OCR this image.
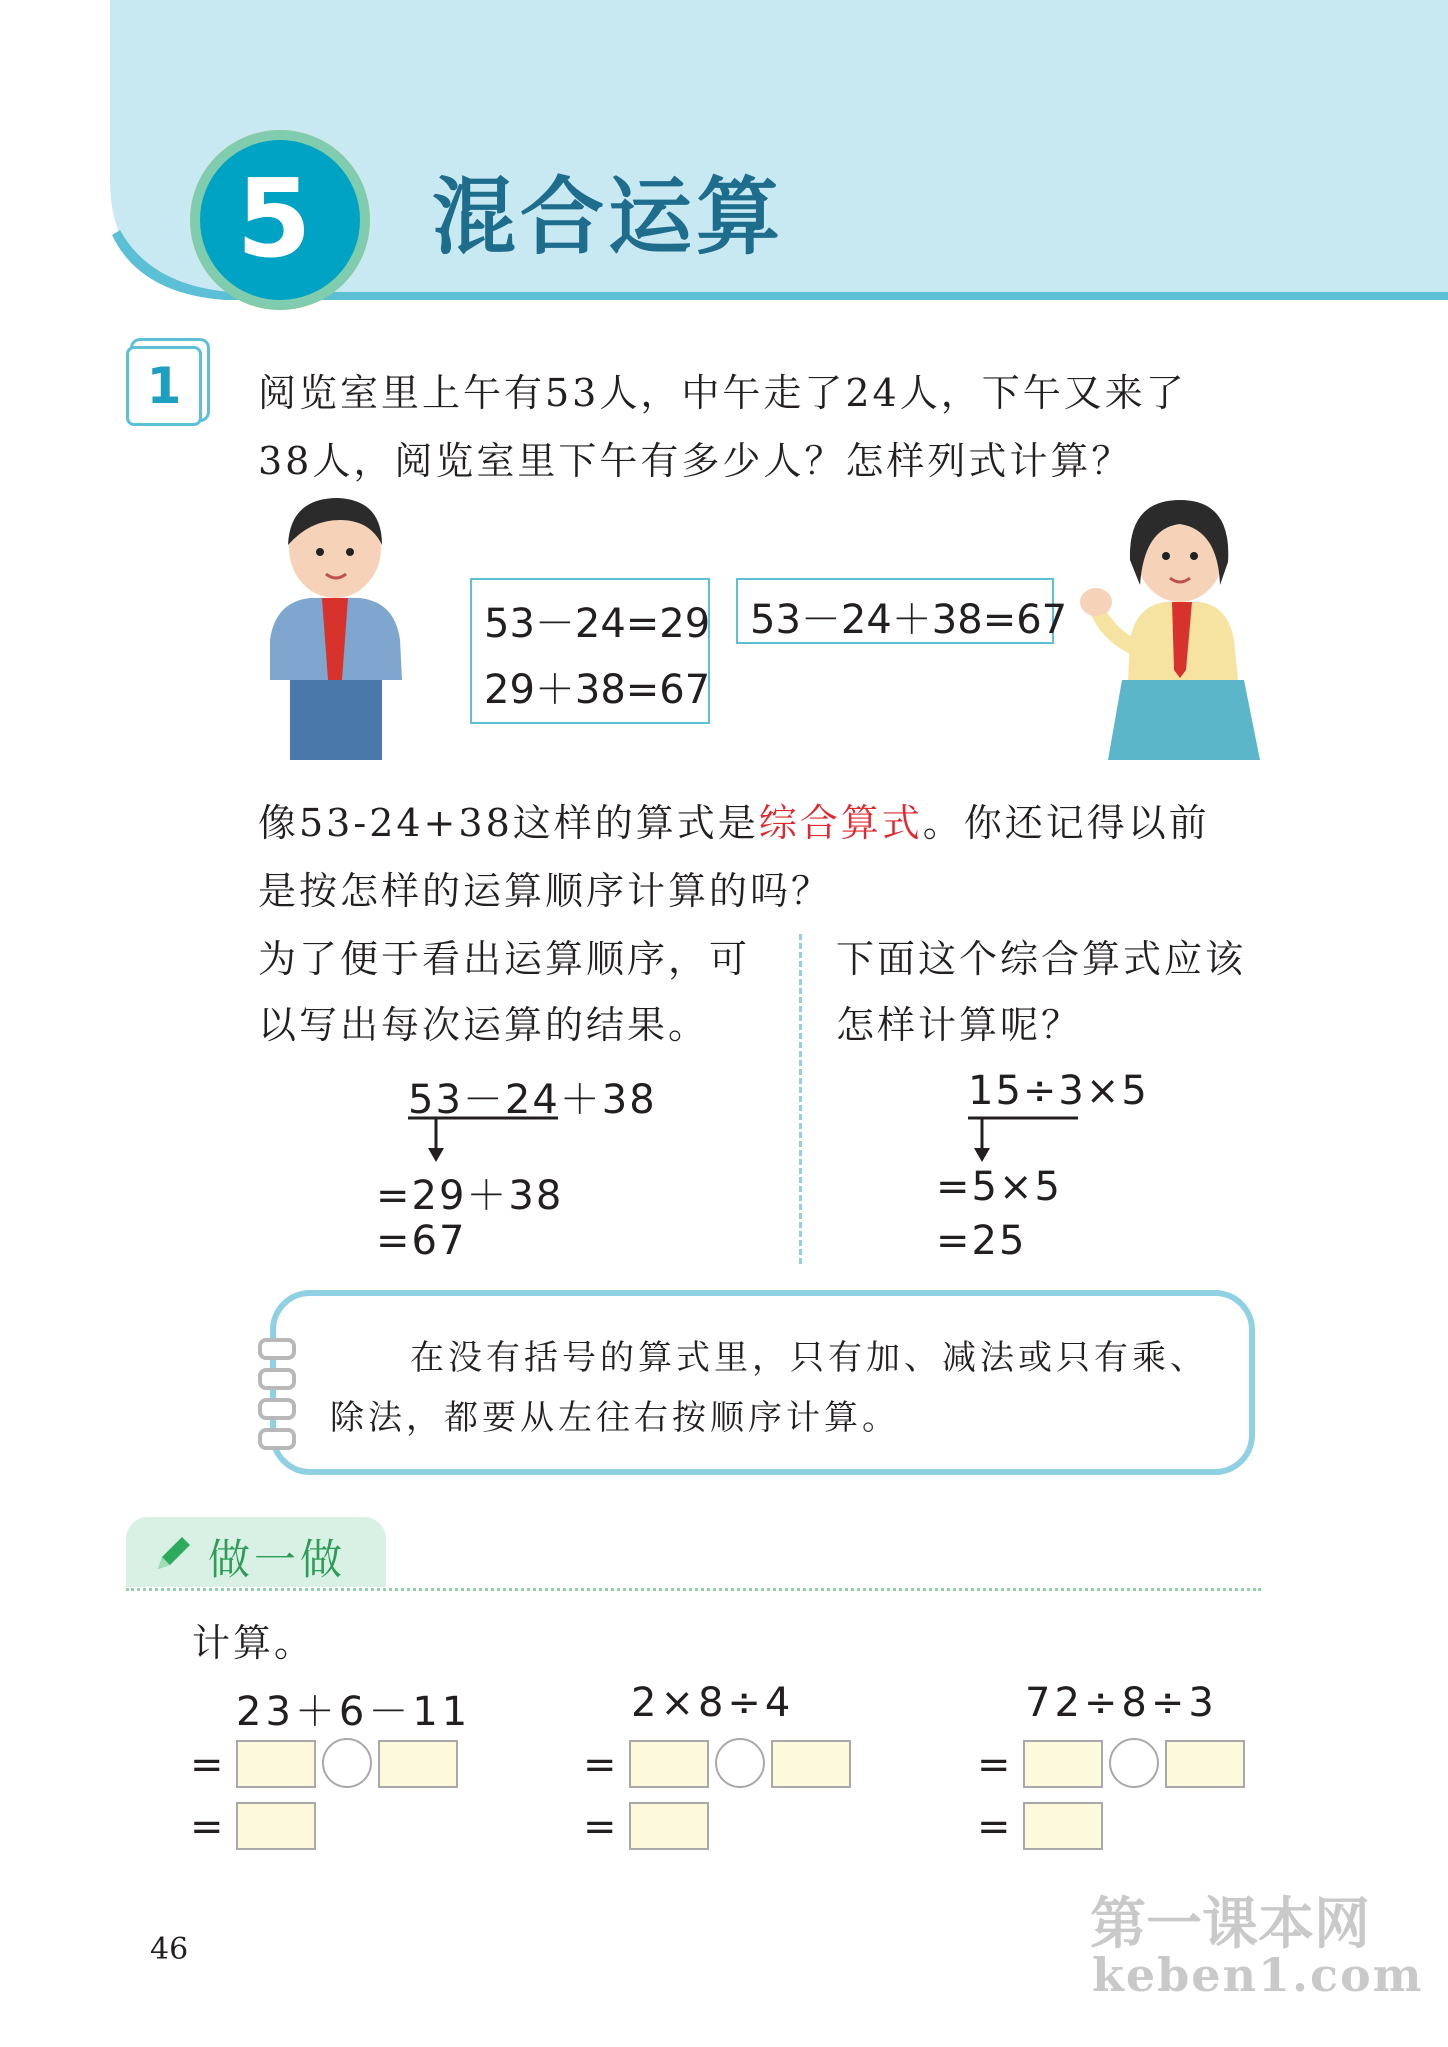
5	混合运算
1	阅览室里上午有53人，中午走了24人，下午又来了
38人，阅览室里下午有多少人？怎样列式计算？
53－24=29
29＋38=67
53－24＋38=67
像53-24+38这样的算式是综合算式。你还记得以前
是按怎样的运算顺序计算的吗？
为了便于看出运算顺序，可
以写出每次运算的结果。
下面这个综合算式应该
怎样计算呢？
53－24＋38
=29＋38
=67
15÷3×5
=5×5
=25
在没有括号的算式里，只有加、减法或只有乘、
除法，都要从左往右按顺序计算。
做一做
计算。
23＋6－11
=
=
2×8÷4
=
=
72÷8÷3
=
=
46	第一课本网
keben1.com
